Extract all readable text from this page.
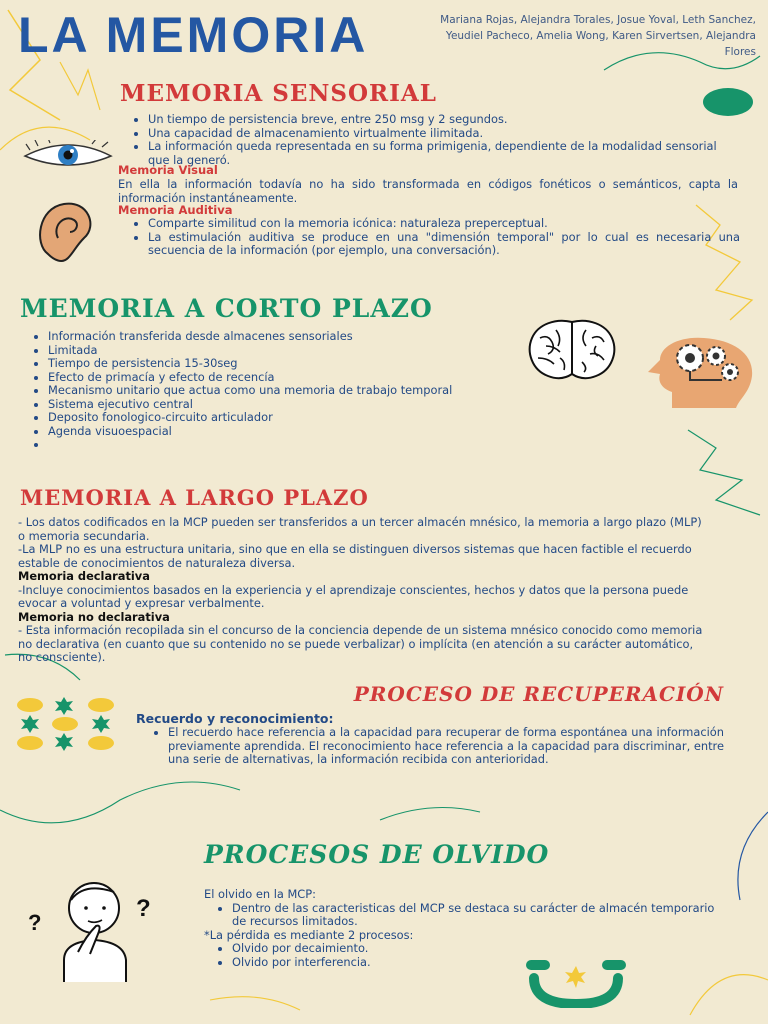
LA MEMORIA	Mariana Rojas, Alejandra Torales, Josue Yoval, Leth Sanchez, Yeudiel Pacheco, Amelia Wong, Karen Sirvertsen, Alejandra Flores
MEMORIA SENSORIAL
• Un tiempo de persistencia breve, entre 250 msg y 2 segundos.
• Una capacidad de almacenamiento virtualmente ilimitada.
• La información queda representada en su forma primigenia, dependiente de la modalidad sensorial que la generó.
Memoria Visual
En ella la información todavía no ha sido transformada en códigos fonéticos o semánticos, capta la información instantáneamente.
Memoria Auditiva
• Comparte similitud con la memoria icónica: naturaleza preperceptual.
• La estimulación auditiva se produce en una "dimensión temporal" por lo cual es necesaria una secuencia de la información (por ejemplo, una conversación).
MEMORIA A CORTO PLAZO
• Información transferida desde almacenes sensoriales
• Limitada
• Tiempo de persistencia 15-30seg
• Efecto de primacía y efecto de recencía
• Mecanismo unitario que actua como una memoria de trabajo temporal
• Sistema ejecutivo central
• Deposito fonologico-circuito articulador
• Agenda visuoespacial
•
MEMORIA A LARGO PLAZO
- Los datos codificados en la MCP pueden ser transferidos a un tercer almacén mnésico, la memoria a largo plazo (MLP) o memoria secundaria.
-La MLP no es una estructura unitaria, sino que en ella se distinguen diversos sistemas que hacen factible el recuerdo estable de conocimientos de naturaleza diversa.
Memoria declarativa
-Incluye conocimientos basados en la experiencia y el aprendizaje conscientes, hechos y datos que la persona puede evocar a voluntad y expresar verbalmente.
Memoria no declarativa
- Esta información recopilada sin el concurso de la conciencia depende de un sistema mnésico conocido como memoria no declarativa (en cuanto que su contenido no se puede verbalizar) o implícita (en atención a su carácter automático, no consciente).
PROCESO DE RECUPERACIÓN
Recuerdo y reconocimiento:
• El recuerdo hace referencia a la capacidad para recuperar de forma espontánea una información previamente aprendida. El reconocimiento hace referencia a la capacidad para discriminar, entre una serie de alternativas, la información recibida con anterioridad.
PROCESOS DE OLVIDO
?
?
El olvido en la MCP:
• Dentro de las caracteristicas del MCP se destaca su carácter de almacén temporario de recursos limitados.
*La pérdida es mediante 2 procesos:
• Olvido por decaimiento.
• Olvido por interferencia.
